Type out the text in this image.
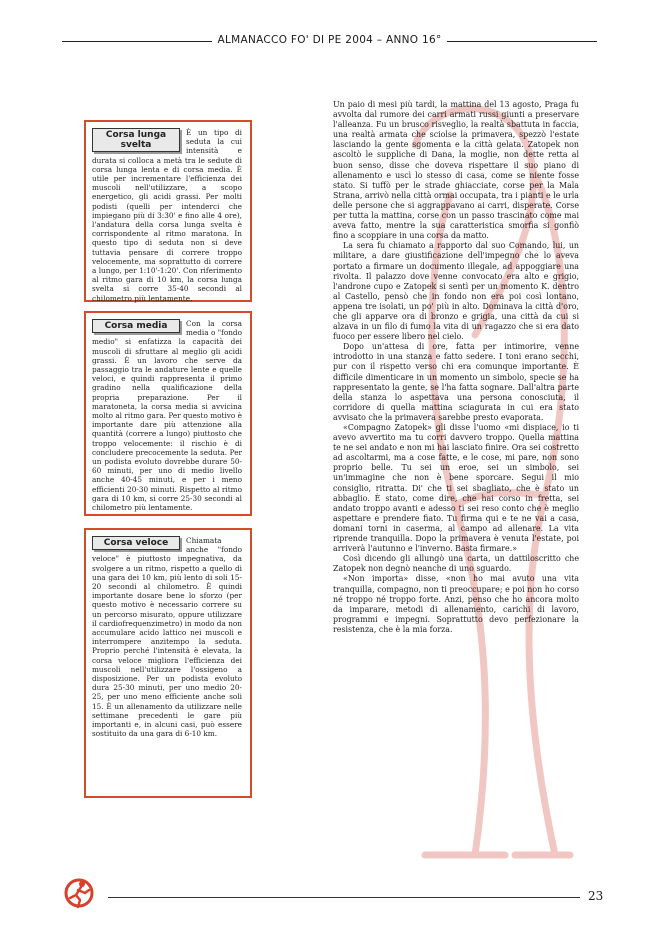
ALMANACCO FO' DI PE 2004 – ANNO 16°
Corsa lunga svelta
È un tipo di seduta la cui intensità e durata si colloca a metà tra le sedute di corsa lunga lenta e di corsa media. È utile per incrementare l'efficienza dei muscoli nell'utilizzare, a scopo energetico, gli acidi grassi. Per molti podisti (quelli per intenderci che impiegano più di 3:30' e fino alle 4 ore), l'andatura della corsa lunga svelta è corrispondente al ritmo maratona. In questo tipo di seduta non si deve tuttavia pensare di correre troppo velocemente, ma soprattutto di correre a lungo, per 1:10'-1:20'. Con riferimento al ritmo gara di 10 km, la corsa lunga svelta si corre 35-40 secondi al chilometro più lentamente.
Corsa media	Con la corsa media o "fondo medio" si enfatizza la capacità dei muscoli di sfruttare al meglio gli acidi grassi. È un lavoro che serve da passaggio tra le andature lente e quelle veloci, e quindi rappresenta il primo gradino nella qualificazione della propria preparazione. Per il maratoneta, la corsa media si avvicina molto al ritmo gara. Per questo motivo è importante dare più attenzione alla quantità (correre a lungo) piuttosto che troppo velocemente: il rischio è di concludere precocemente la seduta. Per un podista evoluto dovrebbe durare 50-60 minuti, per uno di medio livello anche 40-45 minuti, e per i meno efficienti 20-30 minuti. Rispetto al ritmo gara di 10 km, si corre 25-30 secondi al chilometro più lentamente.
Corsa veloce	Chiamata anche "fondo veloce" è piuttosto impegnativa, da svolgere a un ritmo, rispetto a quello di una gara dei 10 km, più lento di soli 15-20 secondi al chilometro. È quindi importante dosare bene lo sforzo (per questo motivo è necessario correre su un percorso misurato, oppure utilizzare il cardiofrequenzimetro) in modo da non accumulare acido lattico nei muscoli e interrompere anzitempo la seduta. Proprio perché l'intensità è elevata, la corsa veloce migliora l'efficienza dei muscoli nell'utilizzare l'ossigeno a disposizione. Per un podista evoluto dura 25-30 minuti, per uno medio 20-25, per uno meno efficiente anche soli 15. È un allenamento da utilizzare nelle settimane precedenti le gare più importanti e, in alcuni casi, può essere sostituito da una gara di 6-10 km.

Un paio di mesi più tardi, la mattina del 13 agosto, Praga fu avvolta dal rumore dei carri armati russi giunti a preservare l'alleanza. Fu un brusco risveglio, la realtà sbattuta in faccia, una realtà armata che sciolse la primavera, spezzò l'estate lasciando la gente sgomenta e la città gelata. Zatopek non ascoltò le suppliche di Dana, la moglie, non dette retta al buon senso, disse che doveva rispettare il suo piano di allenamento e uscì lo stesso di casa, come se niente fosse stato. Si tuffò per le strade ghiacciate, corse per la Mala Strana, arrivò nella città ormai occupata, tra i pianti e le urla delle persone che si aggrappavano ai carri, disperate. Corse per tutta la mattina, corse con un passo trascinato come mai aveva fatto, mentre la sua caratteristica smorfia si gonfiò fino a scoppiare in una corsa da matto.

La sera fu chiamato a rapporto dal suo Comando, lui, un militare, a dare giustificazione dell'impegno che lo aveva portato a firmare un documento illegale, ad appoggiare una rivolta. Il palazzo dove venne convocato era alto e grigio, l'androne cupo e Zatopek si sentì per un momento K. dentro al Castello, pensò che in fondo non era poi così lontano, appena tre isolati, un po' più in alto. Dominava la città d'oro, che gli apparve ora di bronzo e grigia, una città da cui si alzava in un filo di fumo la vita di un ragazzo che si era dato fuoco per essere libero nel cielo.

Dopo un'attesa di ore, fatta per intimorire, venne introdotto in una stanza e fatto sedere. I toni erano secchi, pur con il rispetto verso chi era comunque importante. È difficile dimenticare in un momento un simbolo, specie se ha rappresentato la gente, se l'ha fatta sognare. Dall'altra parte della stanza lo aspettava una persona conosciuta, il corridore di quella mattina sciagurata in cui era stato avvisato che la primavera sarebbe presto evaporata.

«Compagno Zatopek» gli disse l'uomo «mi dispiace, io ti avevo avvertito ma tu corri davvero troppo. Quella mattina te ne sei andato e non mi hai lasciato finire. Ora sei costretto ad ascoltarmi, ma a cose fatte, e le cose, mi pare, non sono proprio belle. Tu sei un eroe, sei un simbolo, sei un'immagine che non è bene sporcare. Segui il mio consiglio, ritratta. Di' che ti sei sbagliato, che è stato un abbaglio. È stato, come dire, che hai corso in fretta, sei andato troppo avanti e adesso ti sei reso conto che è meglio aspettare e prendere fiato. Tu firma qui e te ne vai a casa, domani torni in caserma, al campo ad allenare. La vita riprende tranquilla. Dopo la primavera è venuta l'estate, poi arriverà l'autunno e l'inverno. Basta firmare.»

Così dicendo gli allungò una carta, un dattiloscritto che Zatopek non degnò neanche di uno sguardo.

«Non importa» disse, «non ho mai avuto una vita tranquilla, compagno, non ti preoccupare; e poi non ho corso né troppo né troppo forte. Anzi, penso che ho ancora molto da imparare, metodi di allenamento, carichi di lavoro, programmi e impegni. Soprattutto devo perfezionare la resistenza, che è la mia forza.

23
